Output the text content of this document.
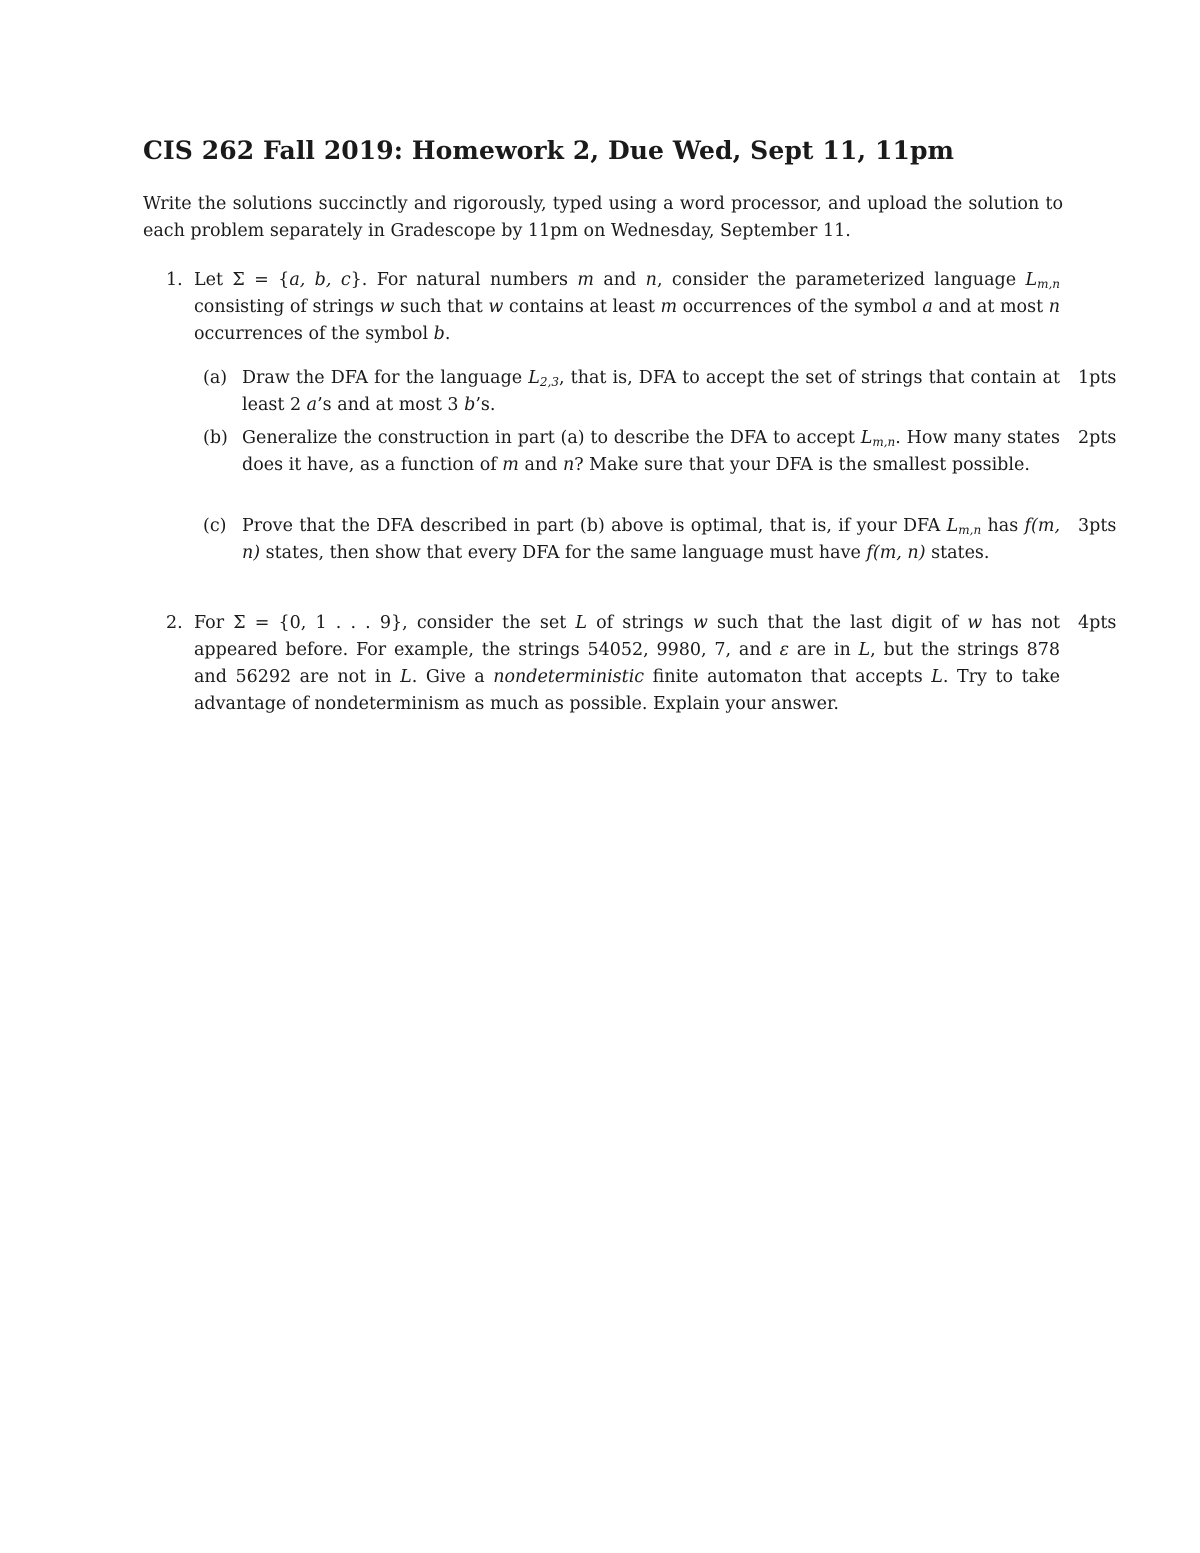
CIS 262 Fall 2019: Homework 2, Due Wed, Sept 11, 11pm
Write the solutions succinctly and rigorously, typed using a word processor, and upload the solution to each problem separately in Gradescope by 11pm on Wednesday, September 11.
1. Let Σ = {a, b, c}. For natural numbers m and n, consider the parameterized language $L_{m,n}$ consisting of strings w such that w contains at least m occurrences of the symbol a and at most n occurrences of the symbol b.
(a) Draw the DFA for the language $L_{2,3}$, that is, DFA to accept the set of strings that contain at least 2 a’s and at most 3 b’s.
1pts
(b) Generalize the construction in part (a) to describe the DFA to accept $L_{m,n}$. How many states does it have, as a function of m and n? Make sure that your DFA is the smallest possible.
2pts
(c) Prove that the DFA described in part (b) above is optimal, that is, if your DFA $L_{m,n}$ has f(m, n) states, then show that every DFA for the same language must have f(m, n) states.
3pts
2. For Σ = {0, 1 . . . 9}, consider the set L of strings w such that the last digit of w has not appeared before. For example, the strings 54052, 9980, 7, and ε are in L, but the strings 878 and 56292 are not in L. Give a nondeterministic finite automaton that accepts L. Try to take advantage of nondeterminism as much as possible. Explain your answer.
4pts
